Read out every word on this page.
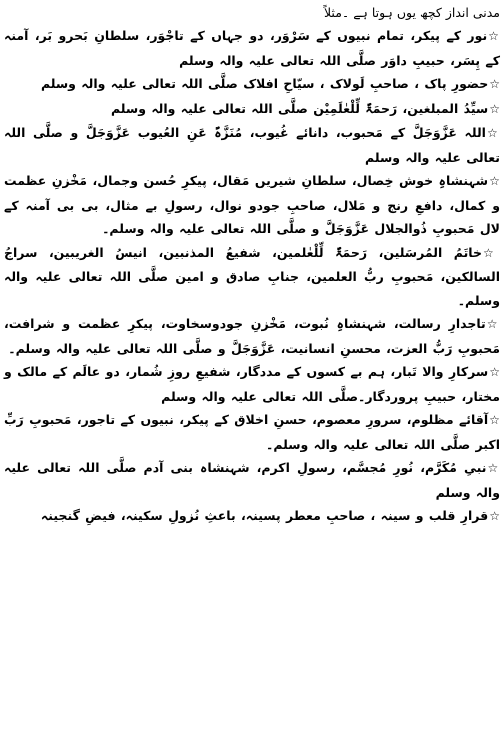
مدنی انداز کچھ یوں ہوتا ہے ۔مثلاً
☆نور کے پیکر، تمام نبیوں کے سَرْوَر، دو جہاں کے تاجْوَر، سلطانِ بَحرو بَر، آمنہ کے پِسَر، حبیبِ داوَر صلَّی اللہ تعالی علیہ والہ وسلم
☆حضورِ پاک ، صاحبِ لَولاک ، سیّاحِ افلاک صلَّی اللہ تعالی علیہ والہ وسلم
☆سیِّدُ المبلغین، رَحمَۃٌ لِّلْعٰلَمِیْن صلَّی اللہ تعالی علیہ والہ وسلم
☆اللہ عَزَّوَجَلَّ کے مَحبوب، دانائے غُیوب، مُنَزَّہٌ عَنِ العُیوب عَزَّوَجَلَّ و صلَّی اللہ تعالی علیہ والہ وسلم
☆شہنشاہِ خوش خِصال، سلطانِ شیریں مَقال، پیکرِ حُسن وجمال، مَخْزنِ عظمت و کمال، دافعِ رنج و مَلال، صاحبِ جودو نوال، رسولِ بے مثال، بی بی آمنہ کے لال مَحبوبِ ذُوالجلال عَزَّوَجَلَّ و صلَّی اللہ تعالی علیہ والہ وسلم۔
☆خاتَمُ المُرسَلین، رَحمَۃٌ لِّلْعٰلمین، شفیعُ المذنبین، انیسُ الغریبین، سراجُ السالکین، مَحبوبِ ربُّ العلمین، جنابِ صادق و امین صلَّی اللہ تعالی علیہ والہ وسلم۔
☆تاجدارِ رسالت، شہنشاہِ نُبوت، مَخْزنِ جودوسخاوت، پیکرِ عظمت و شرافت، مَحبوبِ رَبُّ العزت، محسنِ انسانیت، عَزَّوَجَلَّ و صلَّی اللہ تعالی علیہ والہ وسلم۔
☆سرکارِ والا تَبار، ہم بے کسوں کے مددگار، شفیعِ روزِ شُمار، دو عالَم کے مالک و مختار، حبیبِ پروردگار۔صلَّی اللہ تعالی علیہ والہ وسلم
☆آقائے مظلوم، سرورِ معصوم، حسنِ اخلاق کے پیکر، نبیوں کے تاجور، مَحبوبِ رَبِّ اکبر صلَّی اللہ تعالی علیہ والہ وسلم۔
☆نبیِ مُکَرَّم، نُورِ مُجسَّم، رسولِ اکرم، شہنشاہ بنی آدم صلَّی اللہ تعالی علیہ والہ وسلم
☆قرارِ قلب و سینہ ، صاحبِ معطر پسینہ، باعثِ نُزولِ سکینہ، فیضِ گنجینہ
